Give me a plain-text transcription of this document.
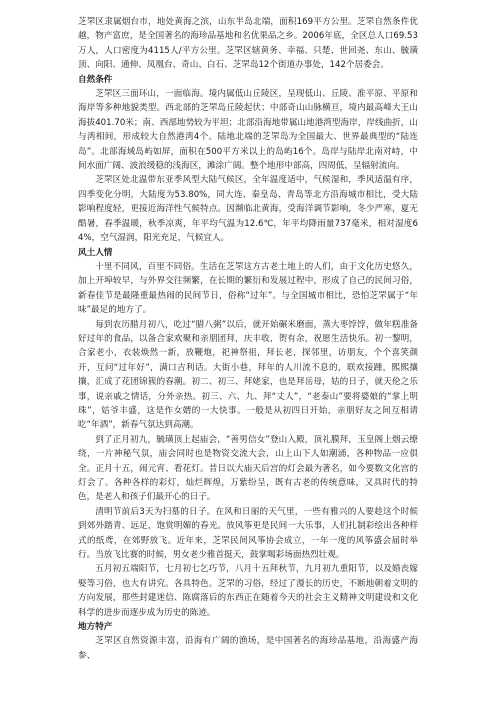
芝罘区隶属烟台市，地处黄海之滨，山东半岛北端，面积169平方公里。芝罘自然条件优越，物产富庶，是全国著名的海珍品基地和名优果品之乡。2006年底，全区总人口69.53万人，人口密度为4115人/平方公里。芝罘区辖黄务、幸福、只楚、世回尧、东山、毓璜顶、向阳、通伸、凤凰台、奇山、白石、芝罘岛12个街道办事处，142个居委会。

自然条件

芝罘区三面环山，一面临海。境内属低山丘陵区，呈现低山、丘陵、准平原、平原和海岸等多种地貌类型。西北部的芝罘岛丘陵起伏；中部奇山山脉横亘，境内最高峰大王山海拔401.70米；南、西部地势较为平坦；北部沿海地带属山地港湾型海岸，岸线曲折，山与湾相间，形成较大自然港湾4个。陆地北端的芝罘岛为全国最大、世界最典型的“陆连岛”。北部海域岛屿如屏，面积在500平方米以上的岛屿16个。岛岸与陆岸北南对峙，中间水面广阔、波浪缓稳的浅海区，滩涂广阔。整个地形中部高，四周低，呈辐射流向。

芝罘区处北温带东亚季风型大陆气候区，全年温度适中，气候湿和，季风适温有序，四季变化分明，大陆度为53.80%，同大连、秦皇岛、青岛等北方沿海城市相比，受大陆影响程度轻，更接近海洋性气候特点。因濒临北黄海，受海洋调节影响，冬少严寒，夏无酷暑，春季温暖，秋季凉爽，年平均气温为12.6℃，年平均降雨量737毫米，相对湿度64%，空气湿润，阳光充足，气候宜人。

风土人情

十里不同风，百里不同俗。生活在芝罘这方古老土地上的人们，由于文化历史悠久，加上开埠较早，与外界交往频繁，在长期的繁衍和发展过程中，形成了自己的民间习俗，新春佳节是最隆重最热闹的民间节日，俗称“过年”。与全国城市相比，恐怕芝罘属于“年味”最足的地方了。

每到农历腊月初八，吃过“腊八粥”以后，就开始碾米磨面，蒸大枣饽饽，做年糕准备好过年的食品，以备合家欢聚和亲朋团拜，庆丰收，贺有余，祝愿生活快乐。初一黎明，合家老小，衣装焕然一新，放鞭炮，祀神祭祖，拜长老，探邻里，访朋友，个个喜笑颜开，互问“过年好”，满口吉利话。大街小巷，拜年的人川流不息的，联欢接踵，熙熙攘攘，汇成了花团锦簇的春潮。初二、初三、拜姥家，也是拜岳母，姑的日子，就天伦之乐事，说亲戚之情话，分外亲热。初三、六、九、拜“丈人”，“老泰山”要将婆娘的“掌上明珠”，姑爷丰盛，这是作女婿的一大快事。一般是从初四日开始，亲朋好友之间互相请吃“年酒”，新春气氛达到高潮。

到了正月初九，毓璜顶上起庙会，“善男信女”登山入殿，顶礼膜拜，玉皇阁上烟云缭绕，一片神秘气氛，庙会同时也是物资交流大会，山上山下人如潮涌，各种物品一应俱全。正月十五，闹元宵、看花灯。昔日以大庙天后宫的灯会最为著名，如今要数文化宫的灯会了。各种各样的彩灯，灿烂辉煌，万紫纷呈，既有古老的传统意味，又具时代的特色，是老人和孩子们最开心的日子。

清明节前后3天为扫墓的日子。在风和日丽的天气里，一些有雅兴的人要趁这个时候到郊外踏青、远足，饱赏明媚的春光。放风筝更是民间一大乐事，人们扎制彩绘出各种样式的纸鸢，在郊野放飞。近年来，芝罘民间风筝协会成立，一年一度的风筝盛会届时举行。当放飞比赛的时候，男女老少雅首挺天，鼓掌喝彩场面热烈壮观。

五月初五端阳节，七月初七乞巧节，八月十五拜秋节，九月初九重阳节，以及婚丧嫁娶等习俗，也大有讲究。各具特色。芝罘的习俗，经过了漫长的历史，不断地朝着文明的方向发展，那些封建迷信、陈腐落后的东西正在随着今天的社会主义精神文明建设和文化科学的进步而逐步成为历史的陈迹。

地方特产

芝罘区自然资源丰富，沿海有广阔的渔场，是中国著名的海珍品基地，沿海盛产海参、
